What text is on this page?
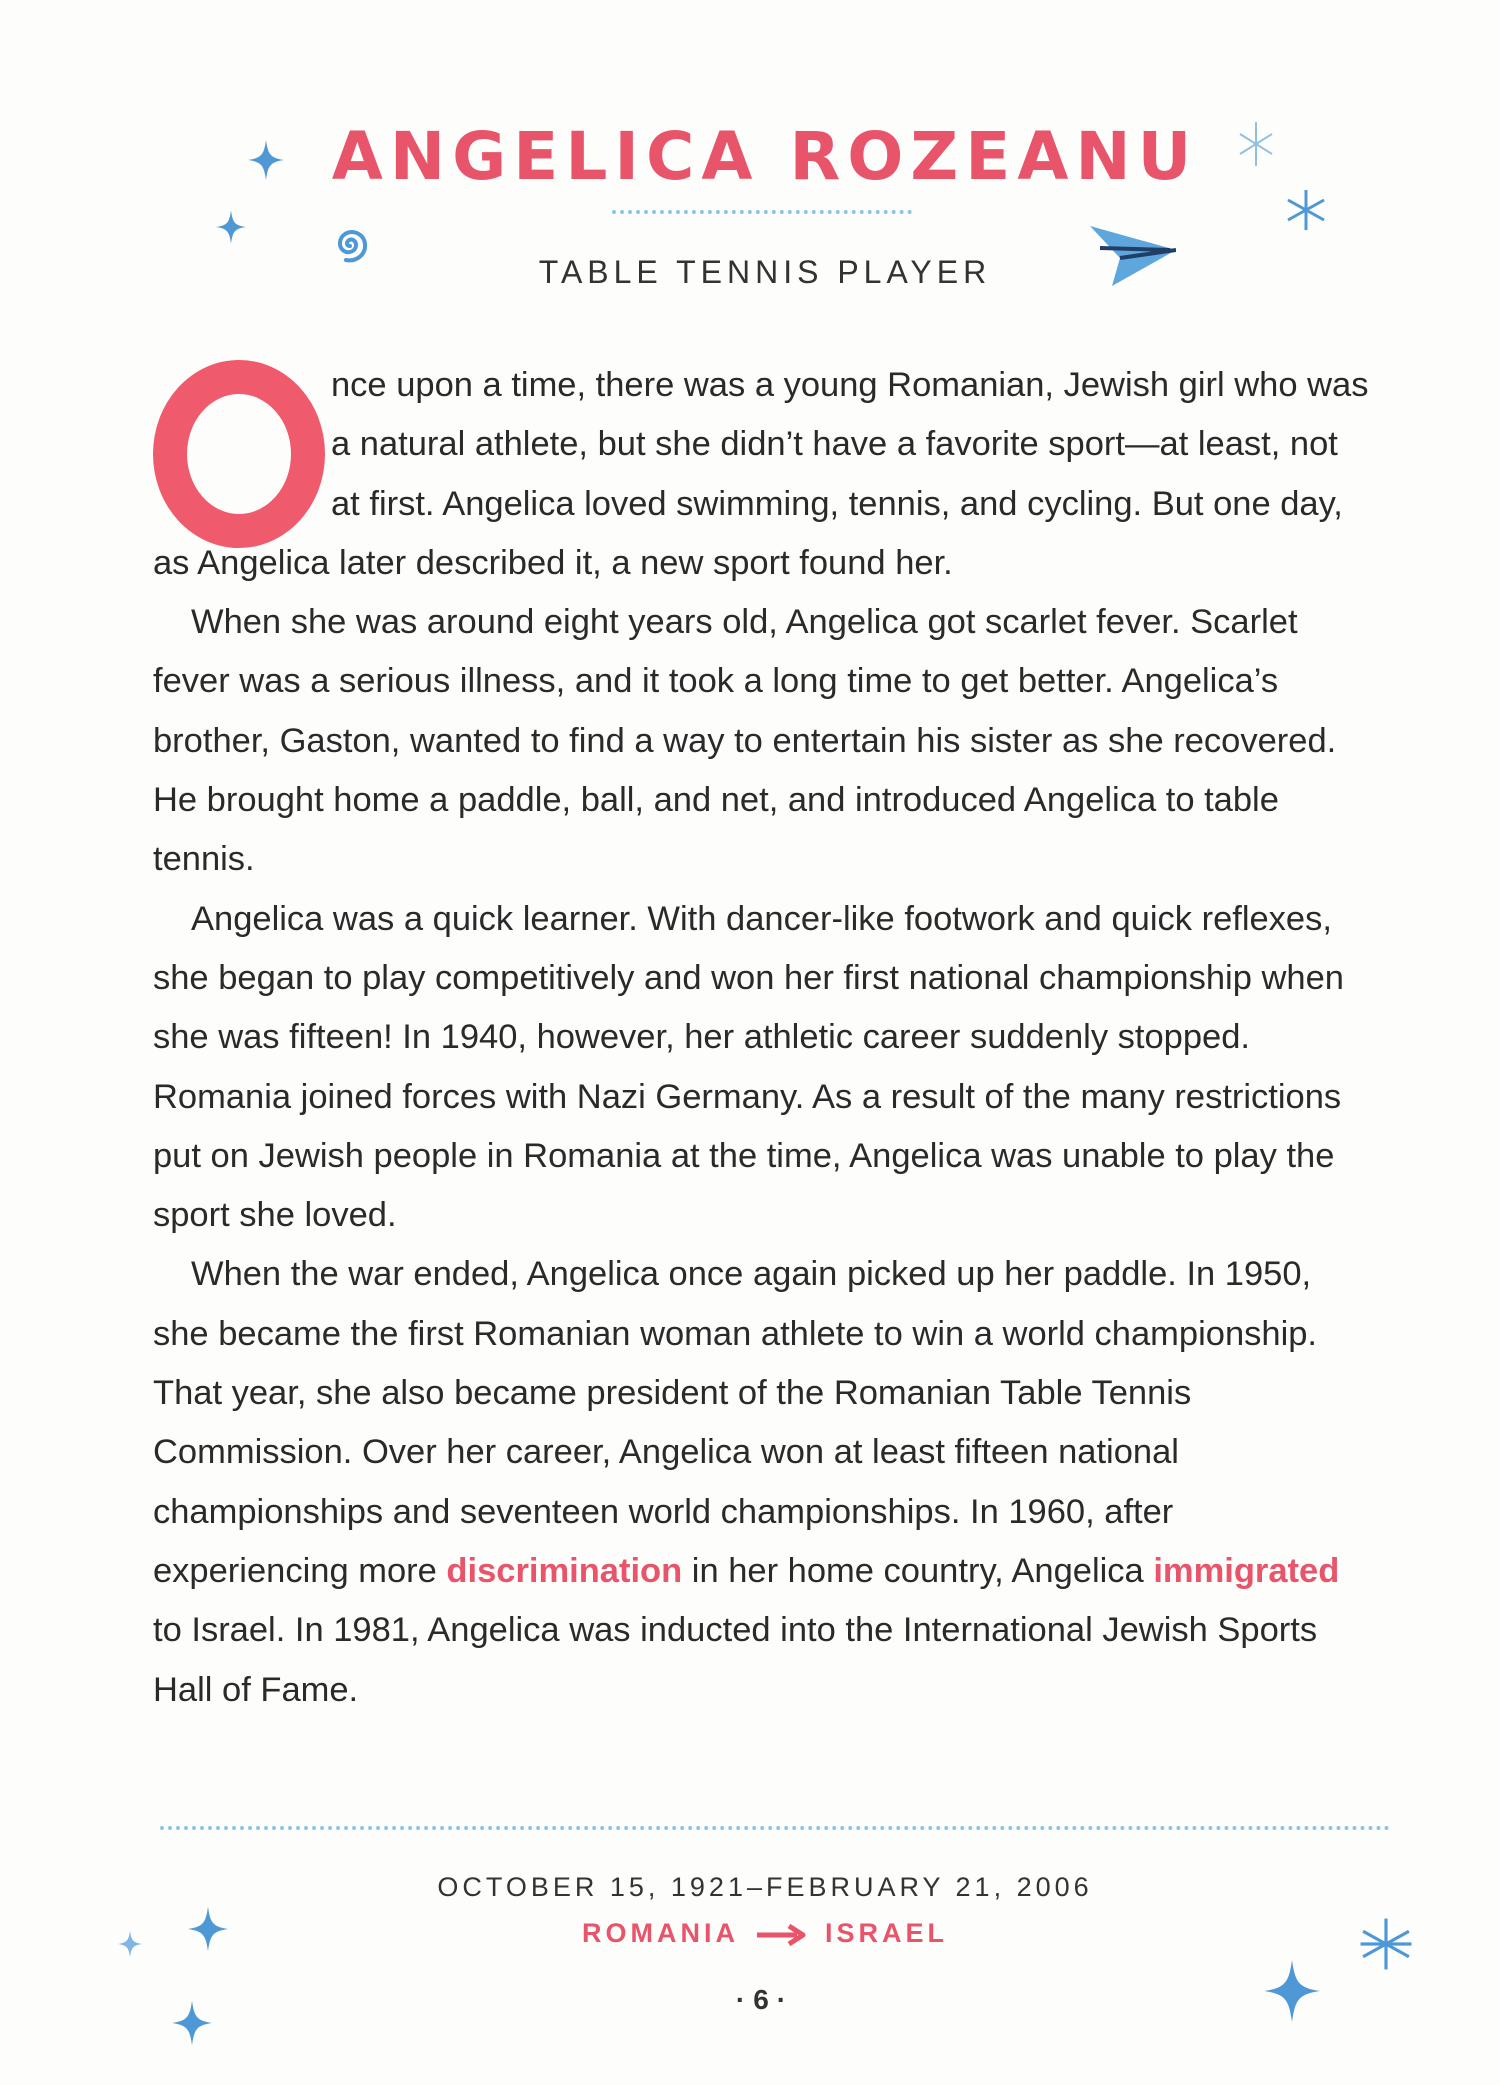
ANGELICA ROZEANU
TABLE TENNIS PLAYER

nce upon a time, there was a young Romanian, Jewish girl who was a natural athlete, but she didn’t have a favorite sport—at least, not at first. Angelica loved swimming, tennis, and cycling. But one day, as Angelica later described it, a new sport found her.

When she was around eight years old, Angelica got scarlet fever. Scarlet fever was a serious illness, and it took a long time to get better. Angelica’s brother, Gaston, wanted to find a way to entertain his sister as she recovered. He brought home a paddle, ball, and net, and introduced Angelica to table tennis.

Angelica was a quick learner. With dancer-like footwork and quick reflexes, she began to play competitively and won her first national championship when she was fifteen! In 1940, however, her athletic career suddenly stopped. Romania joined forces with Nazi Germany. As a result of the many restrictions put on Jewish people in Romania at the time, Angelica was unable to play the sport she loved.

When the war ended, Angelica once again picked up her paddle. In 1950, she became the first Romanian woman athlete to win a world championship. That year, she also became president of the Romanian Table Tennis Commission. Over her career, Angelica won at least fifteen national championships and seventeen world championships. In 1960, after experiencing more discrimination in her home country, Angelica immigrated to Israel. In 1981, Angelica was inducted into the International Jewish Sports Hall of Fame.

OCTOBER 15, 1921–FEBRUARY 21, 2006
ROMANIA	ISRAEL
·6·
